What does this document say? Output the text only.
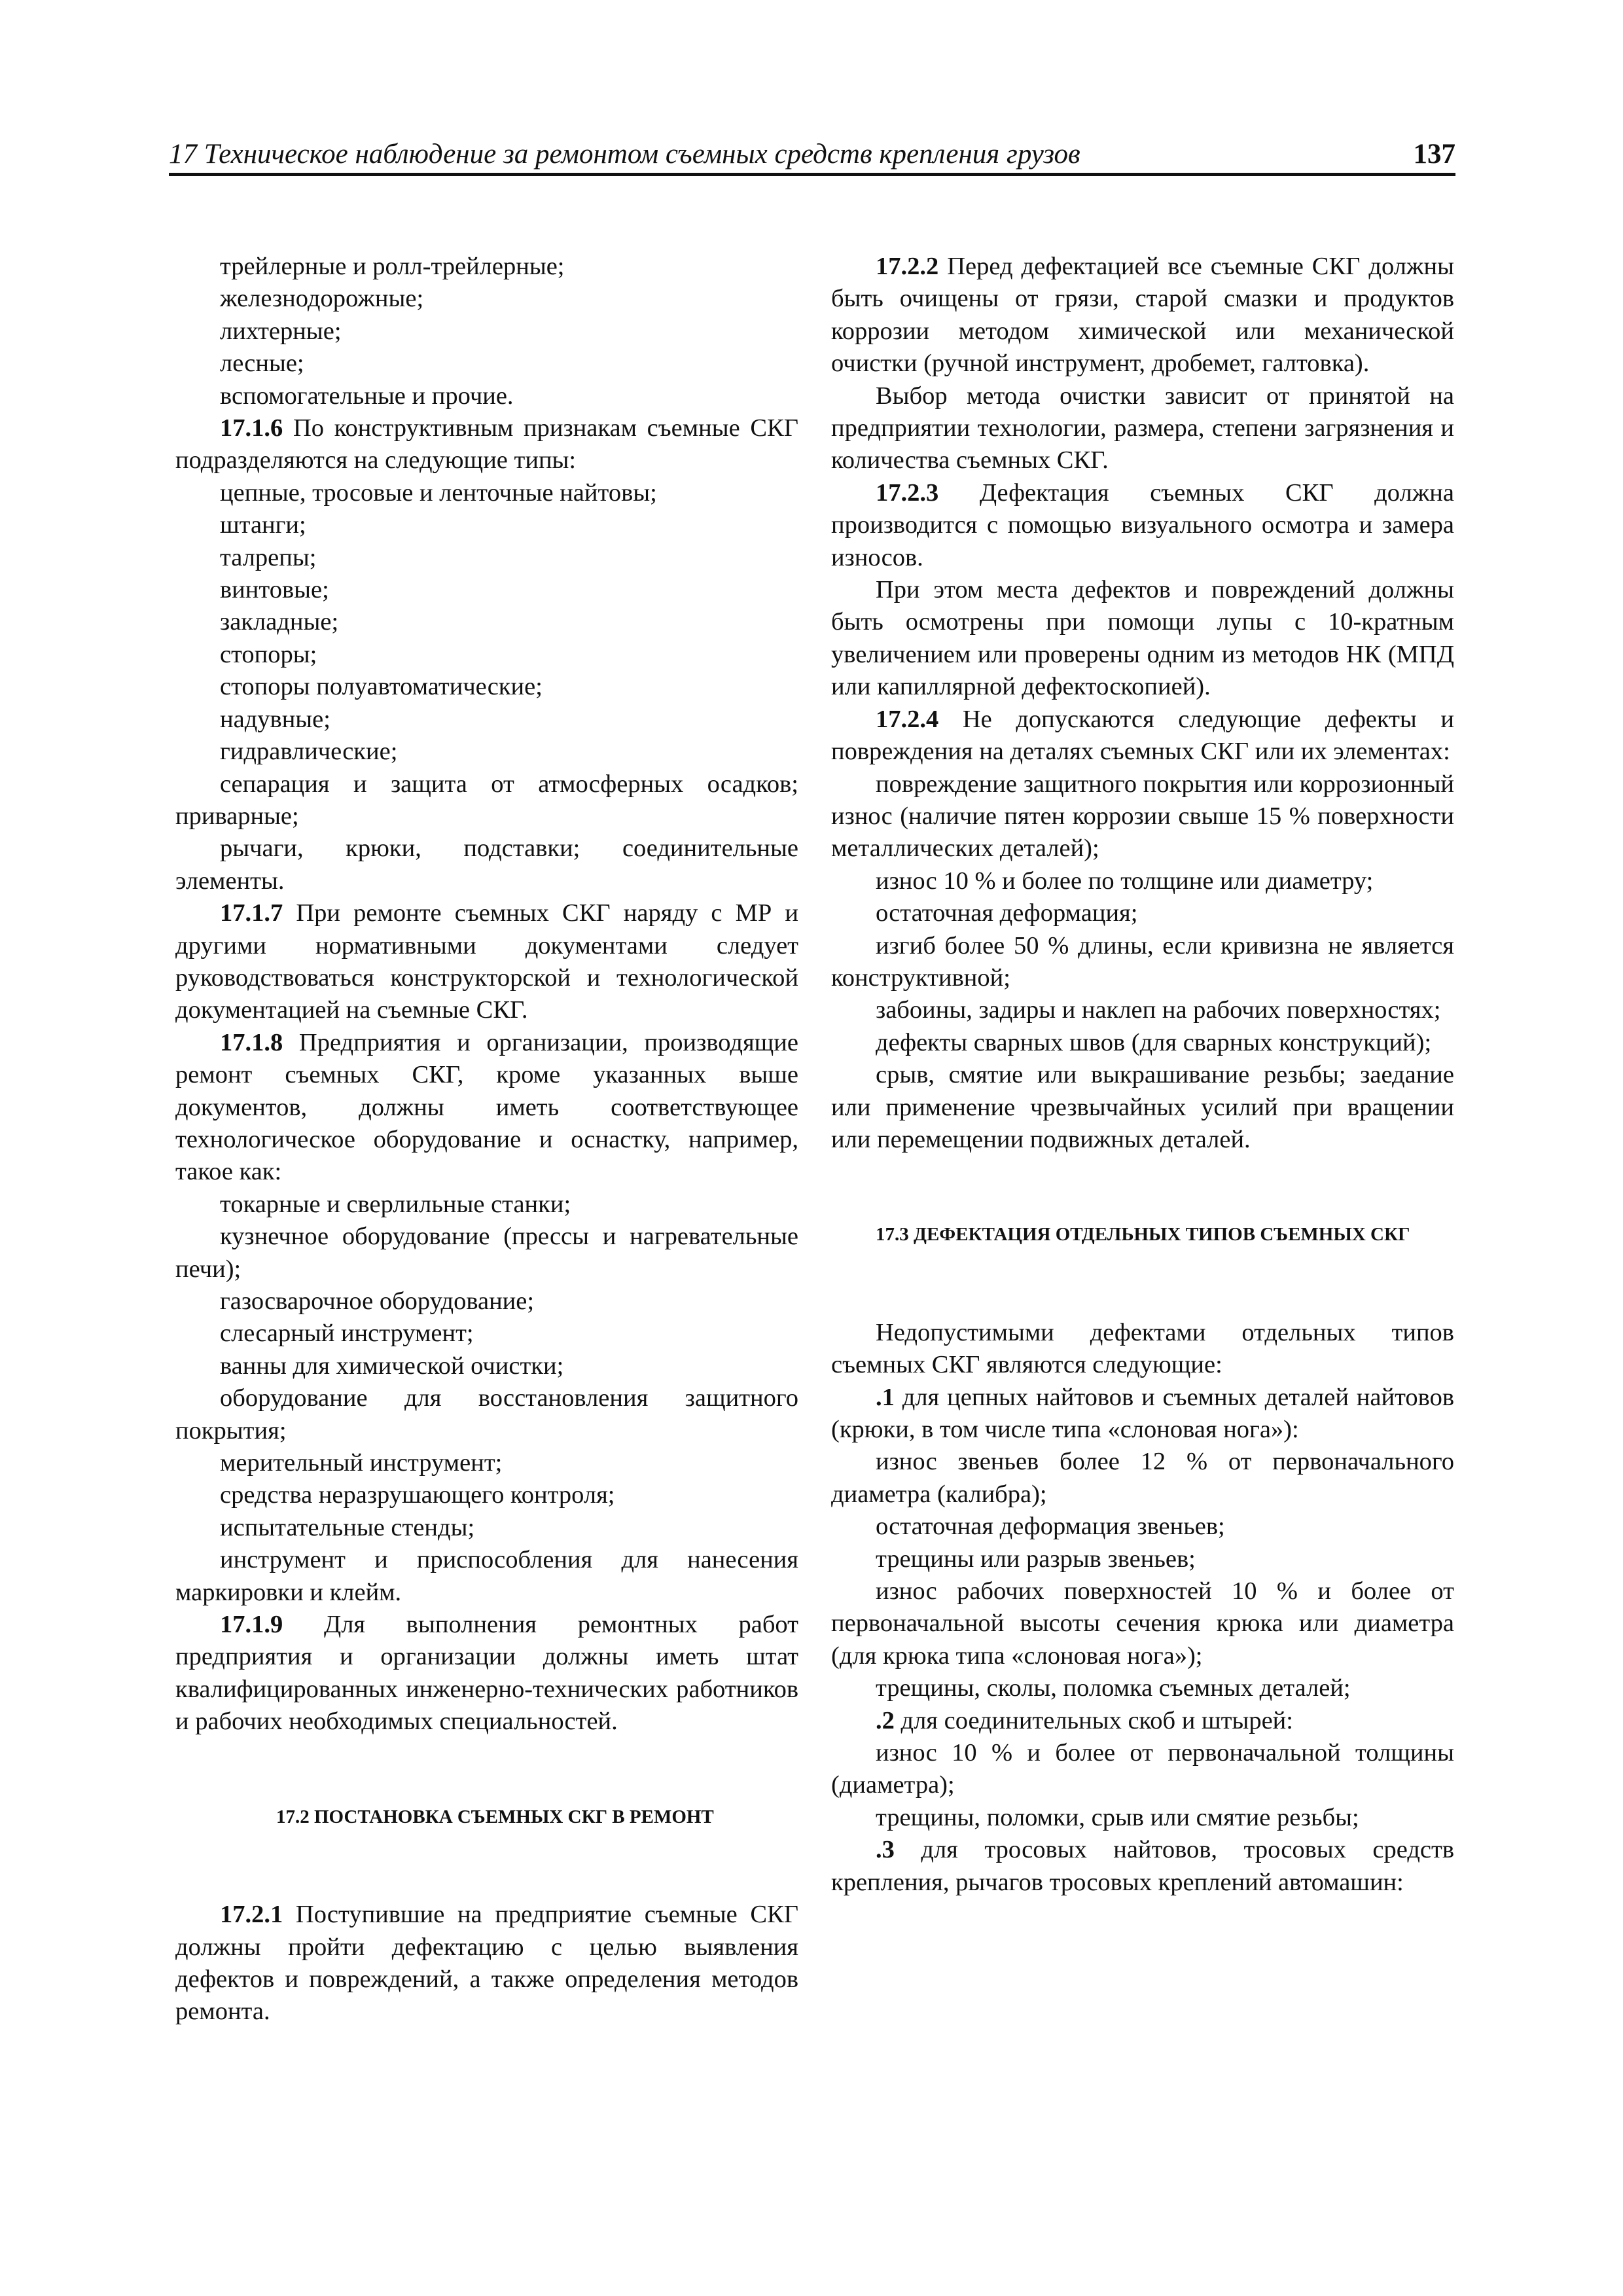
17 Техническое наблюдение за ремонтом съемных средств крепления грузов	137

трейлерные и ролл-трейлерные;

железнодорожные;

лихтерные;

лесные;

вспомогательные и прочие.

17.1.6 По конструктивным признакам съемные СКГ подразделяются на следующие типы:

цепные, тросовые и ленточные найтовы;

штанги;

талрепы;

винтовые;

закладные;

стопоры;

стопоры полуавтоматические;

надувные;

гидравлические;

сепарация и защита от атмосферных осадков; приварные;

рычаги, крюки, подставки; соединительные элементы.

17.1.7 При ремонте съемных СКГ наряду с МР и другими нормативными документами следует руководствоваться конструкторской и технологической документацией на съемные СКГ.

17.1.8 Предприятия и организации, производящие ремонт съемных СКГ, кроме указанных выше документов, должны иметь соответствующее технологическое оборудование и оснастку, например, такое как:

токарные и сверлильные станки;

кузнечное оборудование (прессы и нагревательные печи);

газосварочное оборудование;

слесарный инструмент;

ванны для химической очистки;

оборудование для восстановления защитного покрытия;

мерительный инструмент;

средства неразрушающего контроля;

испытательные стенды;

инструмент и приспособления для нанесения маркировки и клейм.

17.1.9 Для выполнения ремонтных работ предприятия и организации должны иметь штат квалифицированных инженерно-технических работников и рабочих необходимых специальностей.

17.2 ПОСТАНОВКА СЪЕМНЫХ СКГ В РЕМОНТ

17.2.1 Поступившие на предприятие съемные СКГ должны пройти дефектацию с целью выявления дефектов и повреждений, а также определения методов ремонта.

17.2.2 Перед дефектацией все съемные СКГ должны быть очищены от грязи, старой смазки и продуктов коррозии методом химической или механической очистки (ручной инструмент, дробемет, галтовка).

Выбор метода очистки зависит от принятой на предприятии технологии, размера, степени загрязнения и количества съемных СКГ.

17.2.3 Дефектация съемных СКГ должна производится с помощью визуального осмотра и замера износов.

При этом места дефектов и повреждений должны быть осмотрены при помощи лупы с 10-кратным увеличением или проверены одним из методов НК (МПД или капиллярной дефектоскопией).

17.2.4 Не допускаются следующие дефекты и повреждения на деталях съемных СКГ или их элементах:

повреждение защитного покрытия или коррозионный износ (наличие пятен коррозии свыше 15 % поверхности металлических деталей);

износ 10 % и более по толщине или диаметру;

остаточная деформация;

изгиб более 50 % длины, если кривизна не является конструктивной;

забоины, задиры и наклеп на рабочих поверхностях;

дефекты сварных швов (для сварных конструкций);

срыв, смятие или выкрашивание резьбы; заедание или применение чрезвычайных усилий при вращении или перемещении подвижных деталей.

17.3 ДЕФЕКТАЦИЯ ОТДЕЛЬНЫХ ТИПОВ СЪЕМНЫХ СКГ

Недопустимыми дефектами отдельных типов съемных СКГ являются следующие:

.1 для цепных найтовов и съемных деталей найтовов (крюки, в том числе типа «слоновая нога»):

износ звеньев более 12 % от первоначального диаметра (калибра);

остаточная деформация звеньев;

трещины или разрыв звеньев;

износ рабочих поверхностей 10 % и более от первоначальной высоты сечения крюка или диаметра (для крюка типа «слоновая нога»);

трещины, сколы, поломка съемных деталей;

.2 для соединительных скоб и штырей:

износ 10 % и более от первоначальной толщины (диаметра);

трещины, поломки, срыв или смятие резьбы;

.3 для тросовых найтовов, тросовых средств крепления, рычагов тросовых креплений автомашин:
